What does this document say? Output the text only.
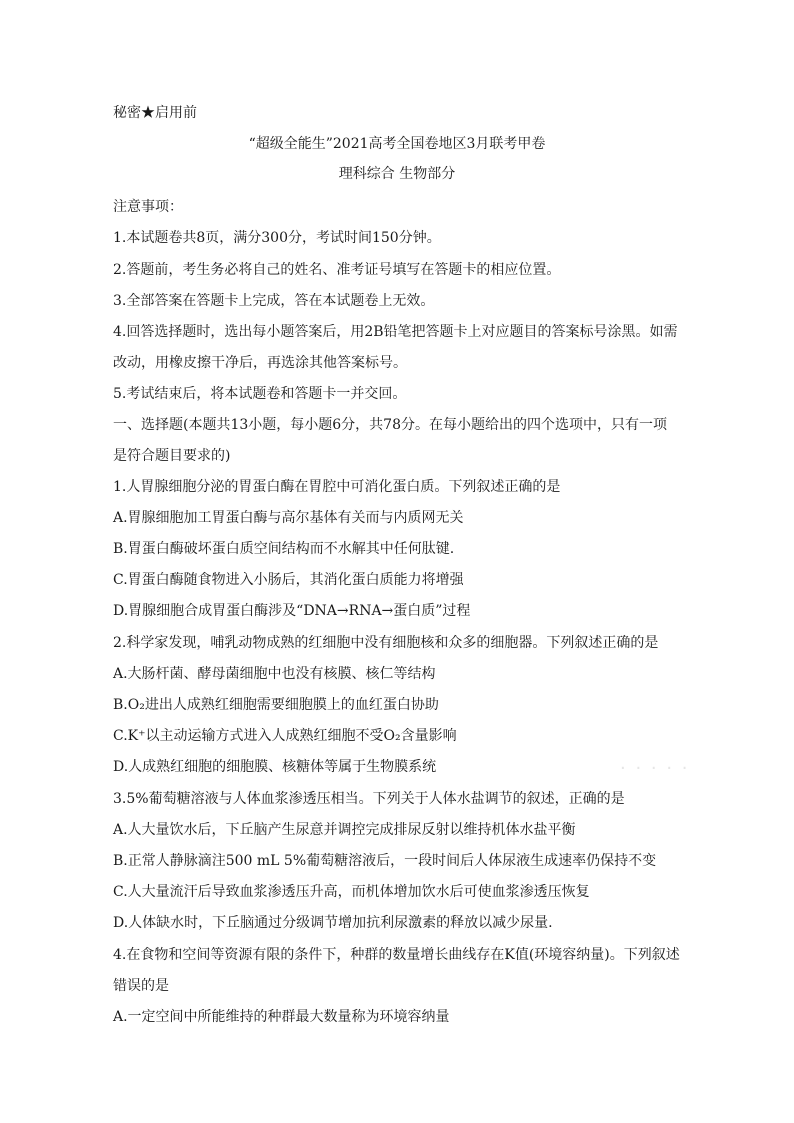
秘密★启用前
“超级全能生”2021高考全国卷地区3月联考甲卷
理科综合 生物部分
注意事项：
1.本试题卷共8页，满分300分，考试时间150分钟。
2.答题前，考生务必将自己的姓名、准考证号填写在答题卡的相应位置。
3.全部答案在答题卡上完成，答在本试题卷上无效。
4.回答选择题时，选出每小题答案后，用2B铅笔把答题卡上对应题目的答案标号涂黑。如需
改动，用橡皮擦干净后，再选涂其他答案标号。
5.考试结束后，将本试题卷和答题卡一并交回。
一、选择题(本题共13小题，每小题6分，共78分。在每小题给出的四个选项中，只有一项
是符合题目要求的)
1.人胃腺细胞分泌的胃蛋白酶在胃腔中可消化蛋白质。下列叙述正确的是
A.胃腺细胞加工胃蛋白酶与高尔基体有关而与内质网无关
B.胃蛋白酶破坏蛋白质空间结构而不水解其中任何肽键.
C.胃蛋白酶随食物进入小肠后，其消化蛋白质能力将增强
D.胃腺细胞合成胃蛋白酶涉及“DNA→RNA→蛋白质”过程
2.科学家发现，哺乳动物成熟的红细胞中没有细胞核和众多的细胞器。下列叙述正确的是
A.大肠杆菌、酵母菌细胞中也没有核膜、核仁等结构
B.O₂进出人成熟红细胞需要细胞膜上的血红蛋白协助
C.K⁺以主动运输方式进入人成熟红细胞不受O₂含量影响
D.人成熟红细胞的细胞膜、核糖体等属于生物膜系统
3.5%葡萄糖溶液与人体血浆渗透压相当。下列关于人体水盐调节的叙述，正确的是
A.人大量饮水后，下丘脑产生尿意并调控完成排尿反射以维持机体水盐平衡
B.正常人静脉滴注500 mL 5%葡萄糖溶液后，一段时间后人体尿液生成速率仍保持不变
C.人大量流汗后导致血浆渗透压升高，而机体增加饮水后可使血浆渗透压恢复
D.人体缺水时，下丘脑通过分级调节增加抗利尿激素的释放以减少尿量.
4.在食物和空间等资源有限的条件下，种群的数量增长曲线存在K值(环境容纳量)。下列叙述
错误的是
A.一定空间中所能维持的种群最大数量称为环境容纳量
· · · · ·
